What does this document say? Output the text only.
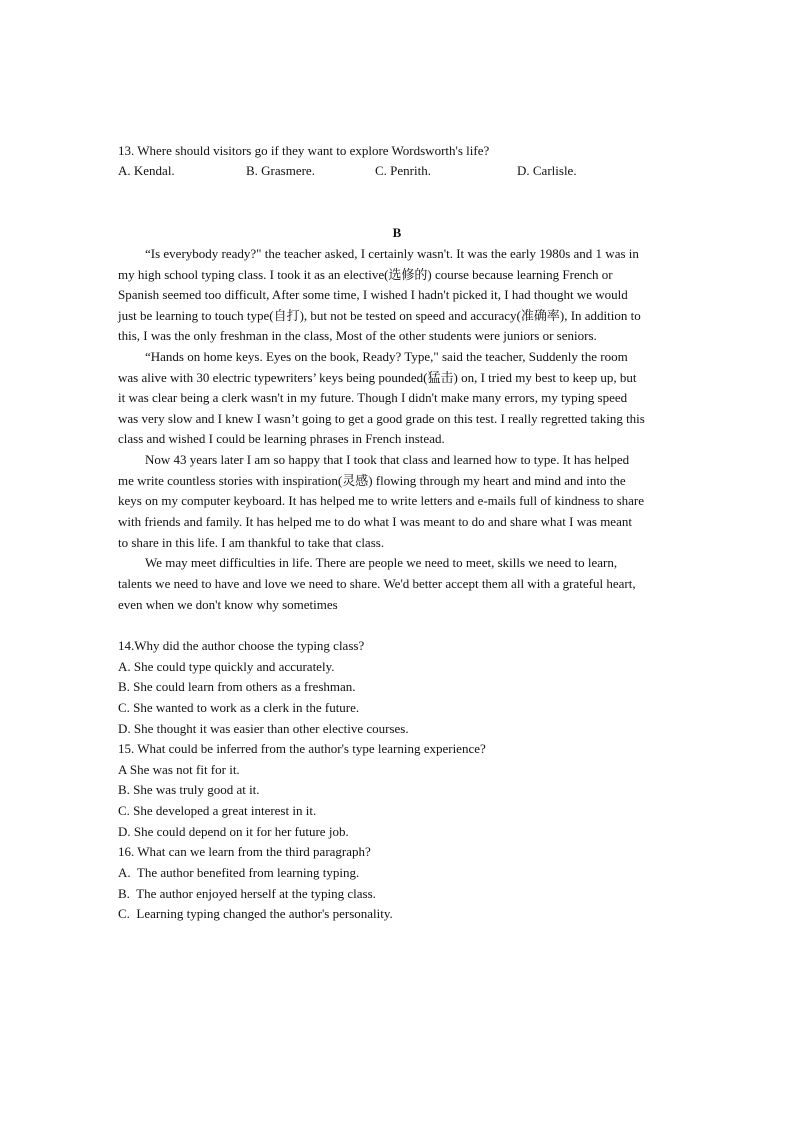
13. Where should visitors go if they want to explore Wordsworth's life?
A. Kendal.	B. Grasmere.	C. Penrith.	D. Carlisle.
B
“Is everybody ready?" the teacher asked, I certainly wasn't. It was the early 1980s and 1 was in
my high school typing class. I took it as an elective(选修的) course because learning French or
Spanish seemed too difficult, After some time, I wished I hadn't picked it, I had thought we would
just be learning to touch type(自打), but not be tested on speed and accuracy(准确率), In addition to
this, I was the only freshman in the class, Most of the other students were juniors or seniors.
“Hands on home keys. Eyes on the book, Ready? Type," said the teacher, Suddenly the room
was alive with 30 electric typewriters’ keys being pounded(猛击) on, I tried my best to keep up, but
it was clear being a clerk wasn't in my future. Though I didn't make many errors, my typing speed
was very slow and I knew I wasn’t going to get a good grade on this test. I really regretted taking this
class and wished I could be learning phrases in French instead.
Now 43 years later I am so happy that I took that class and learned how to type. It has helped
me write countless stories with inspiration(灵感) flowing through my heart and mind and into the
keys on my computer keyboard. It has helped me to write letters and e-mails full of kindness to share
with friends and family. It has helped me to do what I was meant to do and share what I was meant
to share in this life. I am thankful to take that class.
We may meet difficulties in life. There are people we need to meet, skills we need to learn,
talents we need to have and love we need to share. We'd better accept them all with a grateful heart,
even when we don't know why sometimes
14.Why did the author choose the typing class?
A. She could type quickly and accurately.
B. She could learn from others as a freshman.
C. She wanted to work as a clerk in the future.
D. She thought it was easier than other elective courses.
15. What could be inferred from the author's type learning experience?
A She was not fit for it.
B. She was truly good at it.
C. She developed a great interest in it.
D. She could depend on it for her future job.
16. What can we learn from the third paragraph?
A.  The author benefited from learning typing.
B.  The author enjoyed herself at the typing class.
C.  Learning typing changed the author's personality.
